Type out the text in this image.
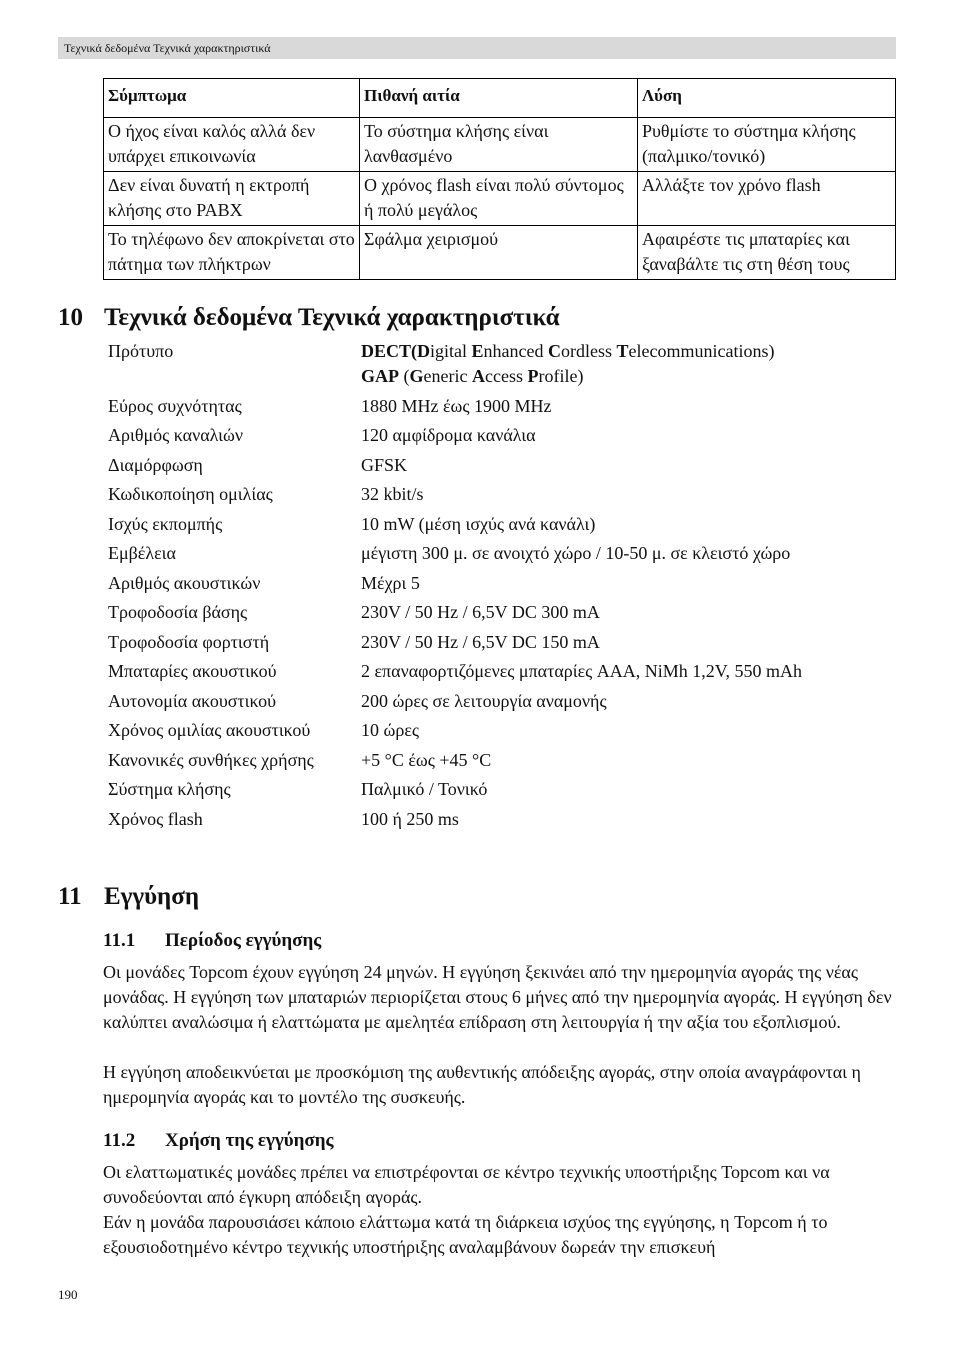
Τεχνικά δεδομένα Τεχνικά χαρακτηριστικά
Σύμπτωμα	Πιθανή αιτία	Λύση
Ο ήχος είναι καλός αλλά δεν υπάρχει επικοινωνία	Το σύστημα κλήσης είναι λανθασμένο	Ρυθμίστε το σύστημα κλήσης (παλμικο/τονικό)
Δεν είναι δυνατή η εκτροπή κλήσης στο PABX	Ο χρόνος flash είναι πολύ σύντομος ή πολύ μεγάλος	Αλλάξτε τον χρόνο flash
Το τηλέφωνο δεν αποκρίνεται στο πάτημα των πλήκτρων	Σφάλμα χειρισμού	Αφαιρέστε τις μπαταρίες και ξαναβάλτε τις στη θέση τους
10 Τεχνικά δεδομένα Τεχνικά χαρακτηριστικά
Πρότυπο	DECT(Digital Enhanced Cordless Telecommunications)
GAP (Generic Access Profile)
Εύρος συχνότητας	1880 MHz έως 1900 MHz
Αριθμός καναλιών	120 αμφίδρομα κανάλια
Διαμόρφωση	GFSK
Κωδικοποίηση ομιλίας	32 kbit/s
Ισχύς εκπομπής	10 mW (μέση ισχύς ανά κανάλι)
Εμβέλεια	μέγιστη 300 μ. σε ανοιχτό χώρο / 10-50 μ. σε κλειστό χώρο
Αριθμός ακουστικών	Μέχρι 5
Τροφοδοσία βάσης	230V / 50 Hz / 6,5V DC 300 mA
Τροφοδοσία φορτιστή	230V / 50 Hz / 6,5V DC 150 mA
Μπαταρίες ακουστικού	2 επαναφορτιζόμενες μπαταρίες AAA, NiMh 1,2V, 550 mAh
Αυτονομία ακουστικού	200 ώρες σε λειτουργία αναμονής
Χρόνος ομιλίας ακουστικού	10 ώρες
Κανονικές συνθήκες χρήσης	+5 °C έως +45 °C
Σύστημα κλήσης	Παλμικό / Τονικό
Χρόνος flash	100 ή 250 ms
11 Εγγύηση
11.1 Περίοδος εγγύησης

Οι μονάδες Topcom έχουν εγγύηση 24 μηνών. Η εγγύηση ξεκινάει από την ημερομηνία αγοράς της νέας μονάδας. Η εγγύηση των μπαταριών περιορίζεται στους 6 μήνες από την ημερομηνία αγοράς. Η εγγύηση δεν καλύπτει αναλώσιμα ή ελαττώματα με αμελητέα επίδραση στη λειτουργία ή την αξία του εξοπλισμού.

Η εγγύηση αποδεικνύεται με προσκόμιση της αυθεντικής απόδειξης αγοράς, στην οποία αναγράφονται η ημερομηνία αγοράς και το μοντέλο της συσκευής.

11.2 Χρήση της εγγύησης

Οι ελαττωματικές μονάδες πρέπει να επιστρέφονται σε κέντρο τεχνικής υποστήριξης Topcom και να συνοδεύονται από έγκυρη απόδειξη αγοράς.

Εάν η μονάδα παρουσιάσει κάποιο ελάττωμα κατά τη διάρκεια ισχύος της εγγύησης, η Topcom ή το εξουσιοδοτημένο κέντρο τεχνικής υποστήριξης αναλαμβάνουν δωρεάν την επισκευή

190
